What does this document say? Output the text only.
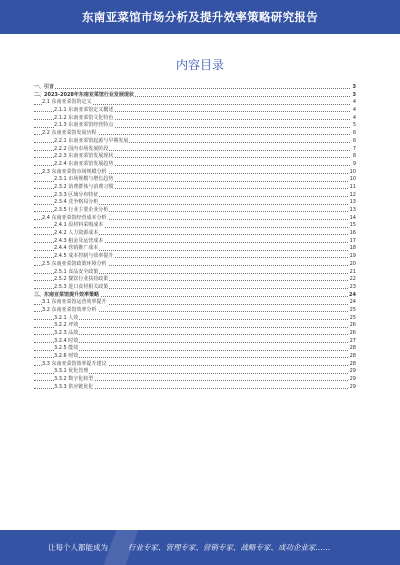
东南亚菜馆市场分析及提升效率策略研究报告
内容目录
一、引言	3
二、2023-2028年东南亚菜馆行业发展现状	3
2.1 东南亚菜馆的定义	4
2.1.1 东南亚菜馆定义概述	4
2.1.2 东南亚菜馆文化特色	4
2.1.3 东南亚菜馆经营特点	5
2.2 东南亚菜馆发展历程	6
2.2.1 东南亚菜馆起源与早期发展	6
2.2.2 国内市场发展阶段	7
2.2.3 东南亚菜馆发展现状	8
2.2.4 东南亚菜馆发展趋势	9
2.3 东南亚菜馆市场规模分析	10
2.3.1 市场规模与增长趋势	10
2.3.2 消费群体与消费习惯	11
2.3.3 区域分布特征	12
2.3.4 竞争格局分析	13
2.3.5 行业主要企业分析	13
2.4 东南亚菜馆经营成本分析	14
2.4.1 原材料采购成本	15
2.4.2 人力资源成本	16
2.4.3 租金及运营成本	17
2.4.4 营销推广成本	18
2.4.5 成本控制与效率提升	19
2.5 东南亚菜馆政策环境分析	20
2.5.1 食品安全政策	21
2.5.2 餐饮行业扶持政策	22
2.5.3 进口食材相关政策	23
三、东南亚菜馆提升效率策略	24
3.1 东南亚菜馆运营效率提升	24
3.2 东南亚菜馆效率分析	25
3.2.1 人效	25
3.2.2 坪效	26
3.2.3 品效	26
3.2.4 时效	27
3.2.5 能效	28
3.2.6 财效	28
3.3 东南亚菜馆效率提升建议	28
3.3.1 优化管理	29
3.3.2 数字化转型	29
3.3.3 供应链优化	29
让每个人都能成为	行业专家、管理专家、营销专家、战略专家、成功企业家……
